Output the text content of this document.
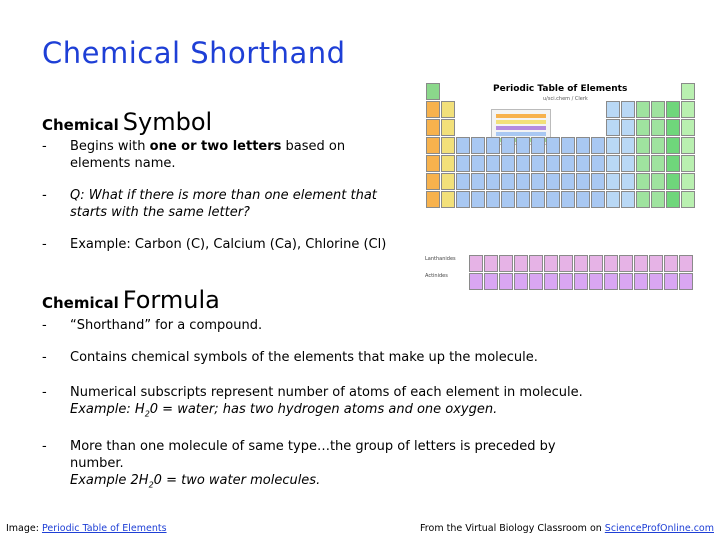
Chemical Shorthand
Chemical Symbol
- Begins with one or two letters based on
elements name.
- Q: What if there is more than one element that
starts with the same letter?
- Example: Carbon (C), Calcium (Ca), Chlorine (Cl)
Chemical Formula
- “Shorthand” for a compound.
- Contains chemical symbols of the elements that make up the molecule.
- Numerical subscripts represent number of atoms of each element in molecule.
Example: $H_20$ = water; has two hydrogen atoms and one oxygen.
- More than one molecule of same type…the group of letters is preceded by number.
Example $2H_20$ = two water molecules.
Periodic Table of Elements
u/sci.chem / Clerk
Lanthanides
Actinides
Image: Periodic Table of Elements	From the Virtual Biology Classroom on ScienceProfOnline.com
